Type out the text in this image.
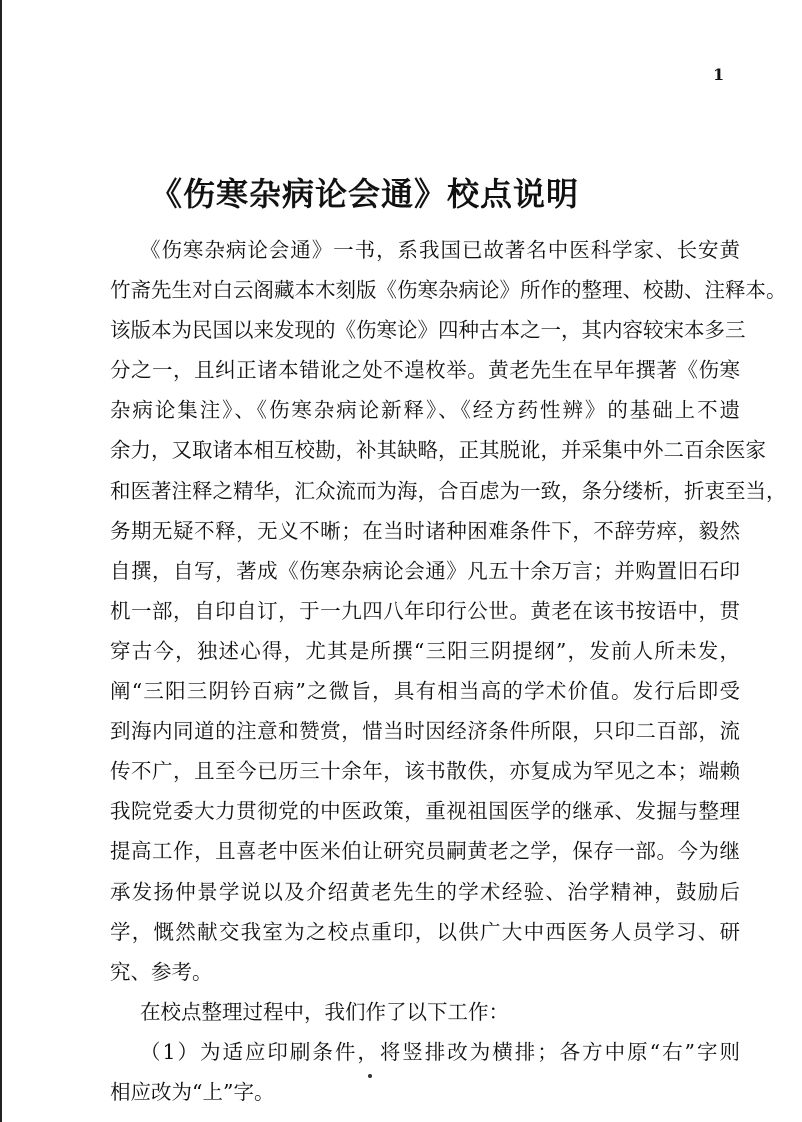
1
《伤寒杂病论会通》校点说明
《伤寒杂病论会通》一书，系我国已故著名中医科学家、长安黄
竹斋先生对白云阁藏本木刻版《伤寒杂病论》所作的整理、校勘、注释本。
该版本为民国以来发现的《伤寒论》四种古本之一，其内容较宋本多三
分之一，且纠正诸本错讹之处不遑枚举。黄老先生在早年撰著《伤寒
杂病论集注》、《伤寒杂病论新释》、《经方药性辨》的基础上不遗
余力，又取诸本相互校勘，补其缺略，正其脱讹，并采集中外二百余医家
和医著注释之精华，汇众流而为海，合百虑为一致，条分缕析，折衷至当，
务期无疑不释，无义不晰；在当时诸种困难条件下，不辞劳瘁，毅然
自撰，自写，著成《伤寒杂病论会通》凡五十余万言；并购置旧石印
机一部，自印自订，于一九四八年印行公世。黄老在该书按语中，贯
穿古今，独述心得，尤其是所撰“三阳三阴提纲”，发前人所未发，
阐“三阳三阴钤百病”之微旨，具有相当高的学术价值。发行后即受
到海内同道的注意和赞赏，惜当时因经济条件所限，只印二百部，流
传不广，且至今已历三十余年，该书散佚，亦复成为罕见之本；端赖
我院党委大力贯彻党的中医政策，重视祖国医学的继承、发掘与整理
提高工作，且喜老中医米伯让研究员嗣黄老之学，保存一部。今为继
承发扬仲景学说以及介绍黄老先生的学术经验、治学精神，鼓励后
学，慨然献交我室为之校点重印，以供广大中西医务人员学习、研
究、参考。
在校点整理过程中，我们作了以下工作：
（1）为适应印刷条件，将竖排改为横排；各方中原“右”字则
相应改为“上”字。
